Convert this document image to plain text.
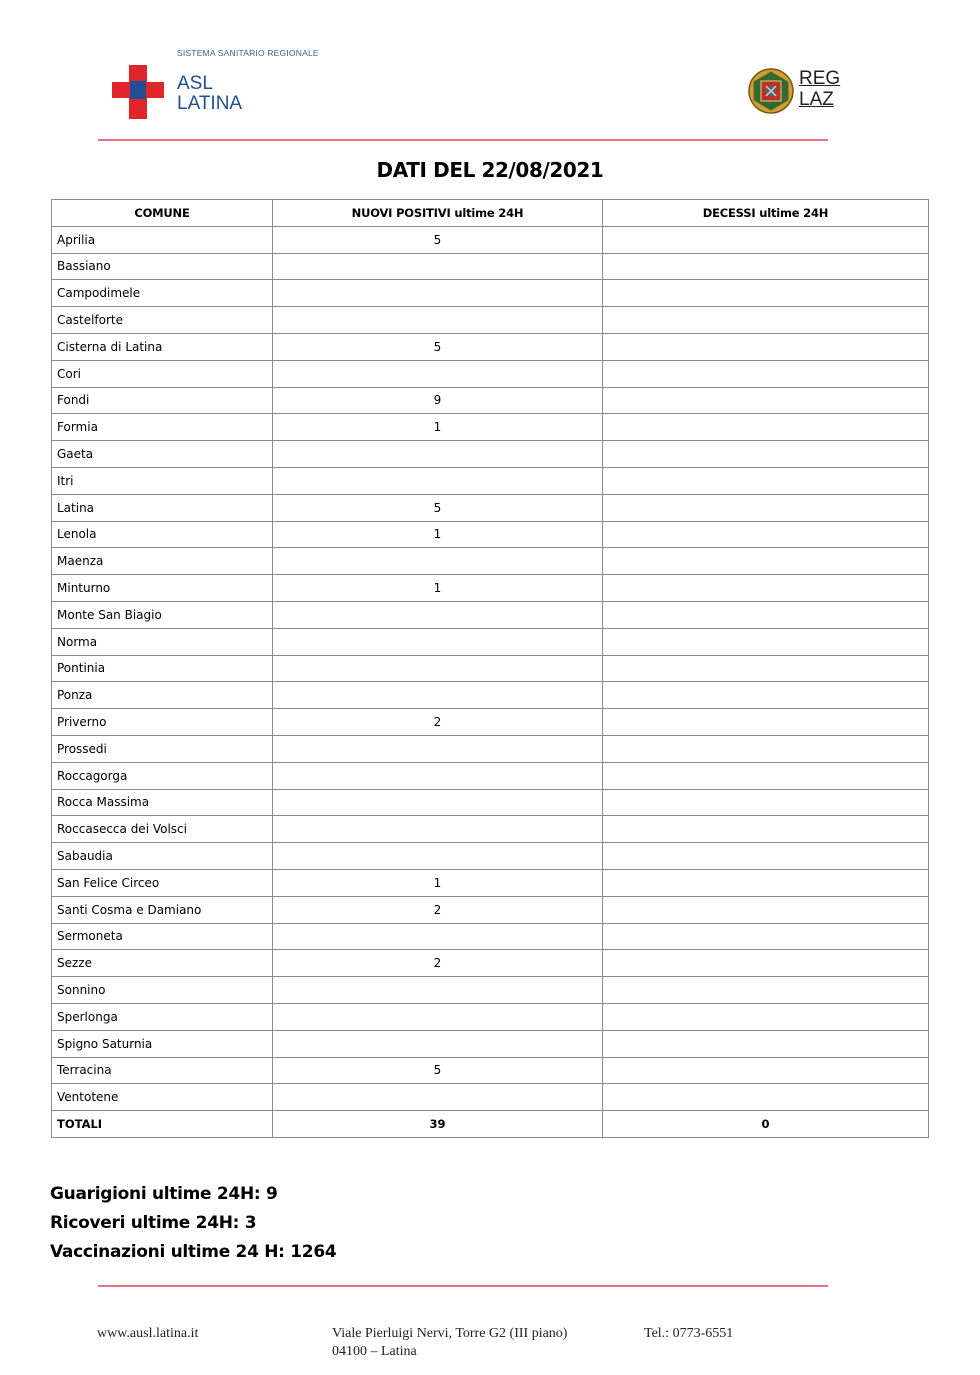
SISTEMA SANITARIO REGIONALE
ASL
LATINA
REG
LAZ
DATI DEL 22/08/2021
COMUNE	NUOVI POSITIVI ultime 24H	DECESSI ultime 24H
Aprilia	5	
Bassiano		
Campodimele		
Castelforte		
Cisterna di Latina	5	
Cori		
Fondi	9	
Formia	1	
Gaeta		
Itri		
Latina	5	
Lenola	1	
Maenza		
Minturno	1	
Monte San Biagio		
Norma		
Pontinia		
Ponza		
Priverno	2	
Prossedi		
Roccagorga		
Rocca Massima		
Roccasecca dei Volsci		
Sabaudia		
San Felice Circeo	1	
Santi Cosma e Damiano	2	
Sermoneta		
Sezze	2	
Sonnino		
Sperlonga		
Spigno Saturnia		
Terracina	5	
Ventotene		
TOTALI	39	0
Guarigioni ultime 24H: 9
Ricoveri ultime 24H: 3
Vaccinazioni ultime 24 H: 1264
www.ausl.latina.it	Viale Pierluigi Nervi, Torre G2 (III piano)
04100 – Latina
Tel.: 0773-6551
